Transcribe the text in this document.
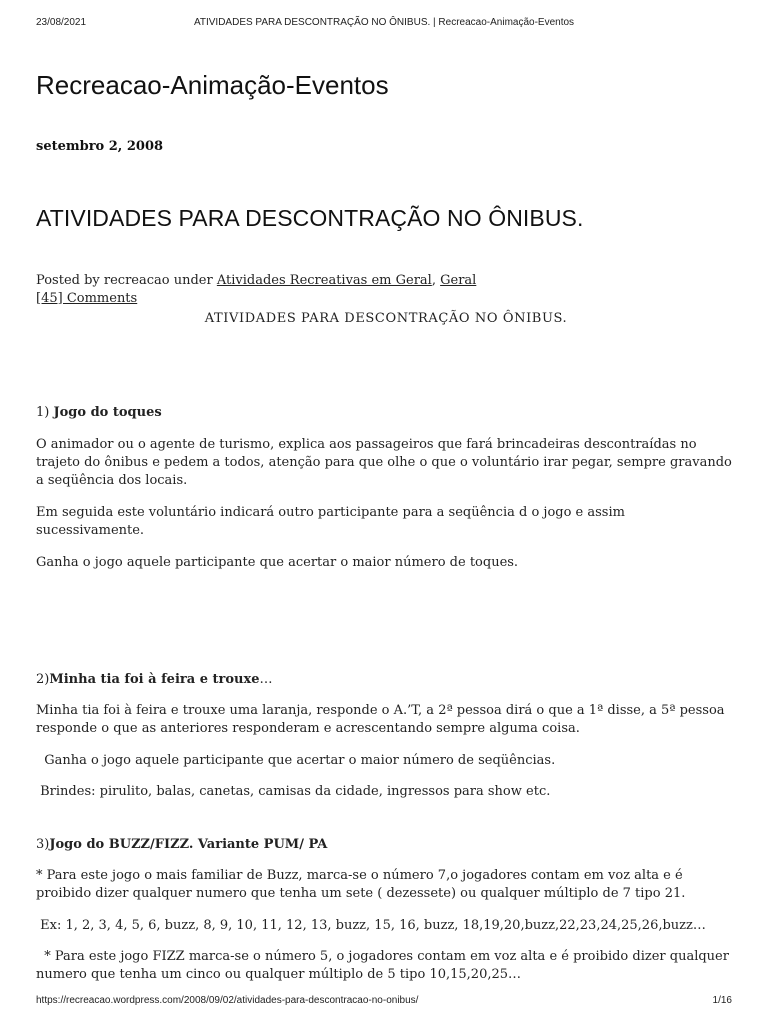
23/08/2021	ATIVIDADES PARA DESCONTRAÇÃO NO ÔNIBUS. | Recreacao-Animação-Eventos
Recreacao-Animação-Eventos
setembro 2, 2008
ATIVIDADES PARA DESCONTRAÇÃO NO ÔNIBUS.
Posted by recreacao under Atividades Recreativas em Geral, Geral
[45] Comments

ATIVIDADES PARA DESCONTRAÇÃO NO ÔNIBUS.

1) Jogo do toques

O animador ou o agente de turismo, explica aos passageiros que fará brincadeiras descontraídas no trajeto do ônibus e pedem a todos, atenção para que olhe o que o voluntário irar pegar, sempre gravando a seqüência dos locais.

Em seguida este voluntário indicará outro participante para a seqüência d o jogo e assim sucessivamente.

Ganha o jogo aquele participante que acertar o maior número de toques.

2)Minha tia foi à feira e trouxe…

Minha tia foi à feira e trouxe uma laranja, responde o A.’T, a 2ª pessoa dirá o que a 1ª disse, a 5ª pessoa responde o que as anteriores responderam e acrescentando sempre alguma coisa.

Ganha o jogo aquele participante que acertar o maior número de seqüências.

Brindes: pirulito, balas, canetas, camisas da cidade, ingressos para show etc.

3)Jogo do BUZZ/FIZZ. Variante PUM/ PA

* Para este jogo o mais familiar de Buzz, marca-se o número 7,o jogadores contam em voz alta e é proibido dizer qualquer numero que tenha um sete ( dezessete) ou qualquer múltiplo de 7 tipo 21.

Ex: 1, 2, 3, 4, 5, 6, buzz, 8, 9, 10, 11, 12, 13, buzz, 15, 16, buzz, 18,19,20,buzz,22,23,24,25,26,buzz…

* Para este jogo FIZZ marca-se o número 5, o jogadores contam em voz alta e é proibido dizer qualquer numero que tenha um cinco ou qualquer múltiplo de 5 tipo 10,15,20,25…

https://recreacao.wordpress.com/2008/09/02/atividades-para-descontracao-no-onibus/	1/16
